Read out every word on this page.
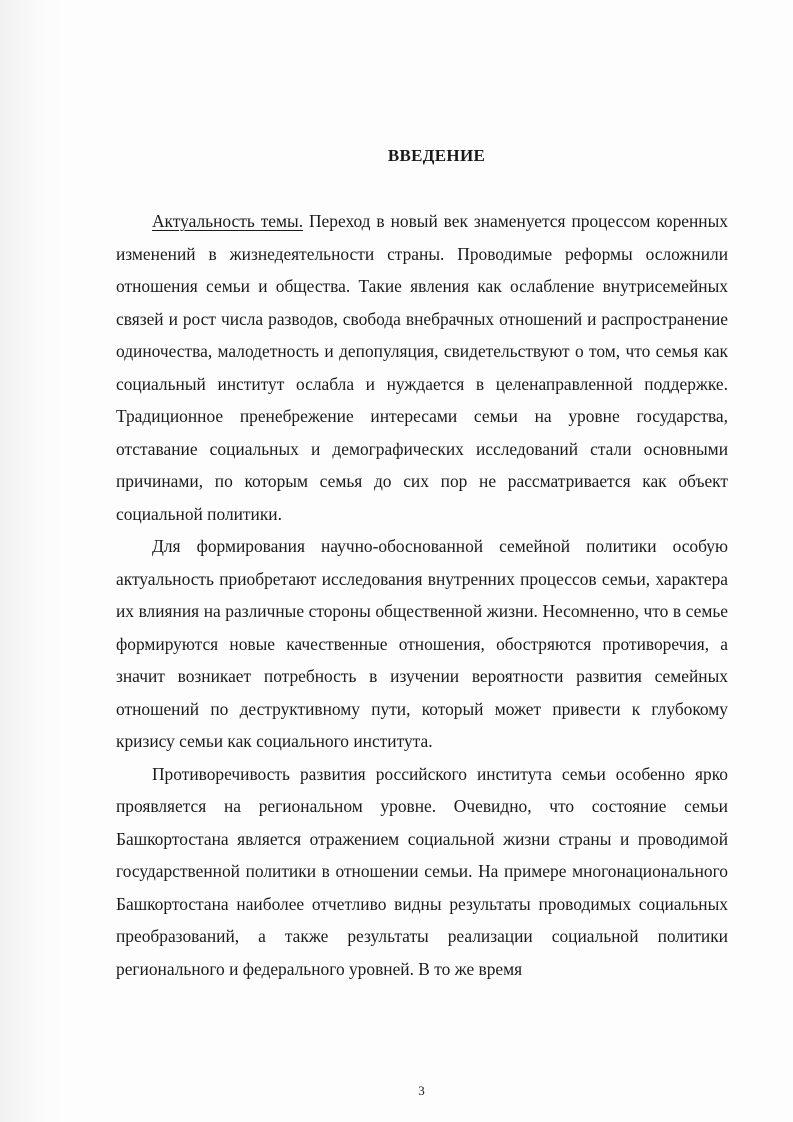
ВВЕДЕНИЕ

Актуальность темы. Переход в новый век знаменуется процессом коренных изменений в жизнедеятельности страны. Проводимые реформы осложнили отношения семьи и общества. Такие явления как ослабление внутрисемейных связей и рост числа разводов, свобода внебрачных отношений и распространение одиночества, малодетность и депопуляция, свидетельствуют о том, что семья как социальный институт ослабла и нуждается в целенаправленной поддержке. Традиционное пренебрежение интересами семьи на уровне государства, отставание социальных и демографических исследований стали основными причинами, по которым семья до сих пор не рассматривается как объект социальной политики.

Для формирования научно-обоснованной семейной политики особую актуальность приобретают исследования внутренних процессов семьи, характера их влияния на различные стороны общественной жизни. Несомненно, что в семье формируются новые качественные отношения, обостряются противоречия, а значит возникает потребность в изучении вероятности развития семейных отношений по деструктивному пути, который может привести к глубокому кризису семьи как социального института.

Противоречивость развития российского института семьи особенно ярко проявляется на региональном уровне. Очевидно, что состояние семьи Башкортостана является отражением социальной жизни страны и проводимой государственной политики в отношении семьи. На примере многонационального Башкортостана наиболее отчетливо видны результаты проводимых социальных преобразований, а также результаты реализации социальной политики регионального и федерального уровней. В то же время

3
